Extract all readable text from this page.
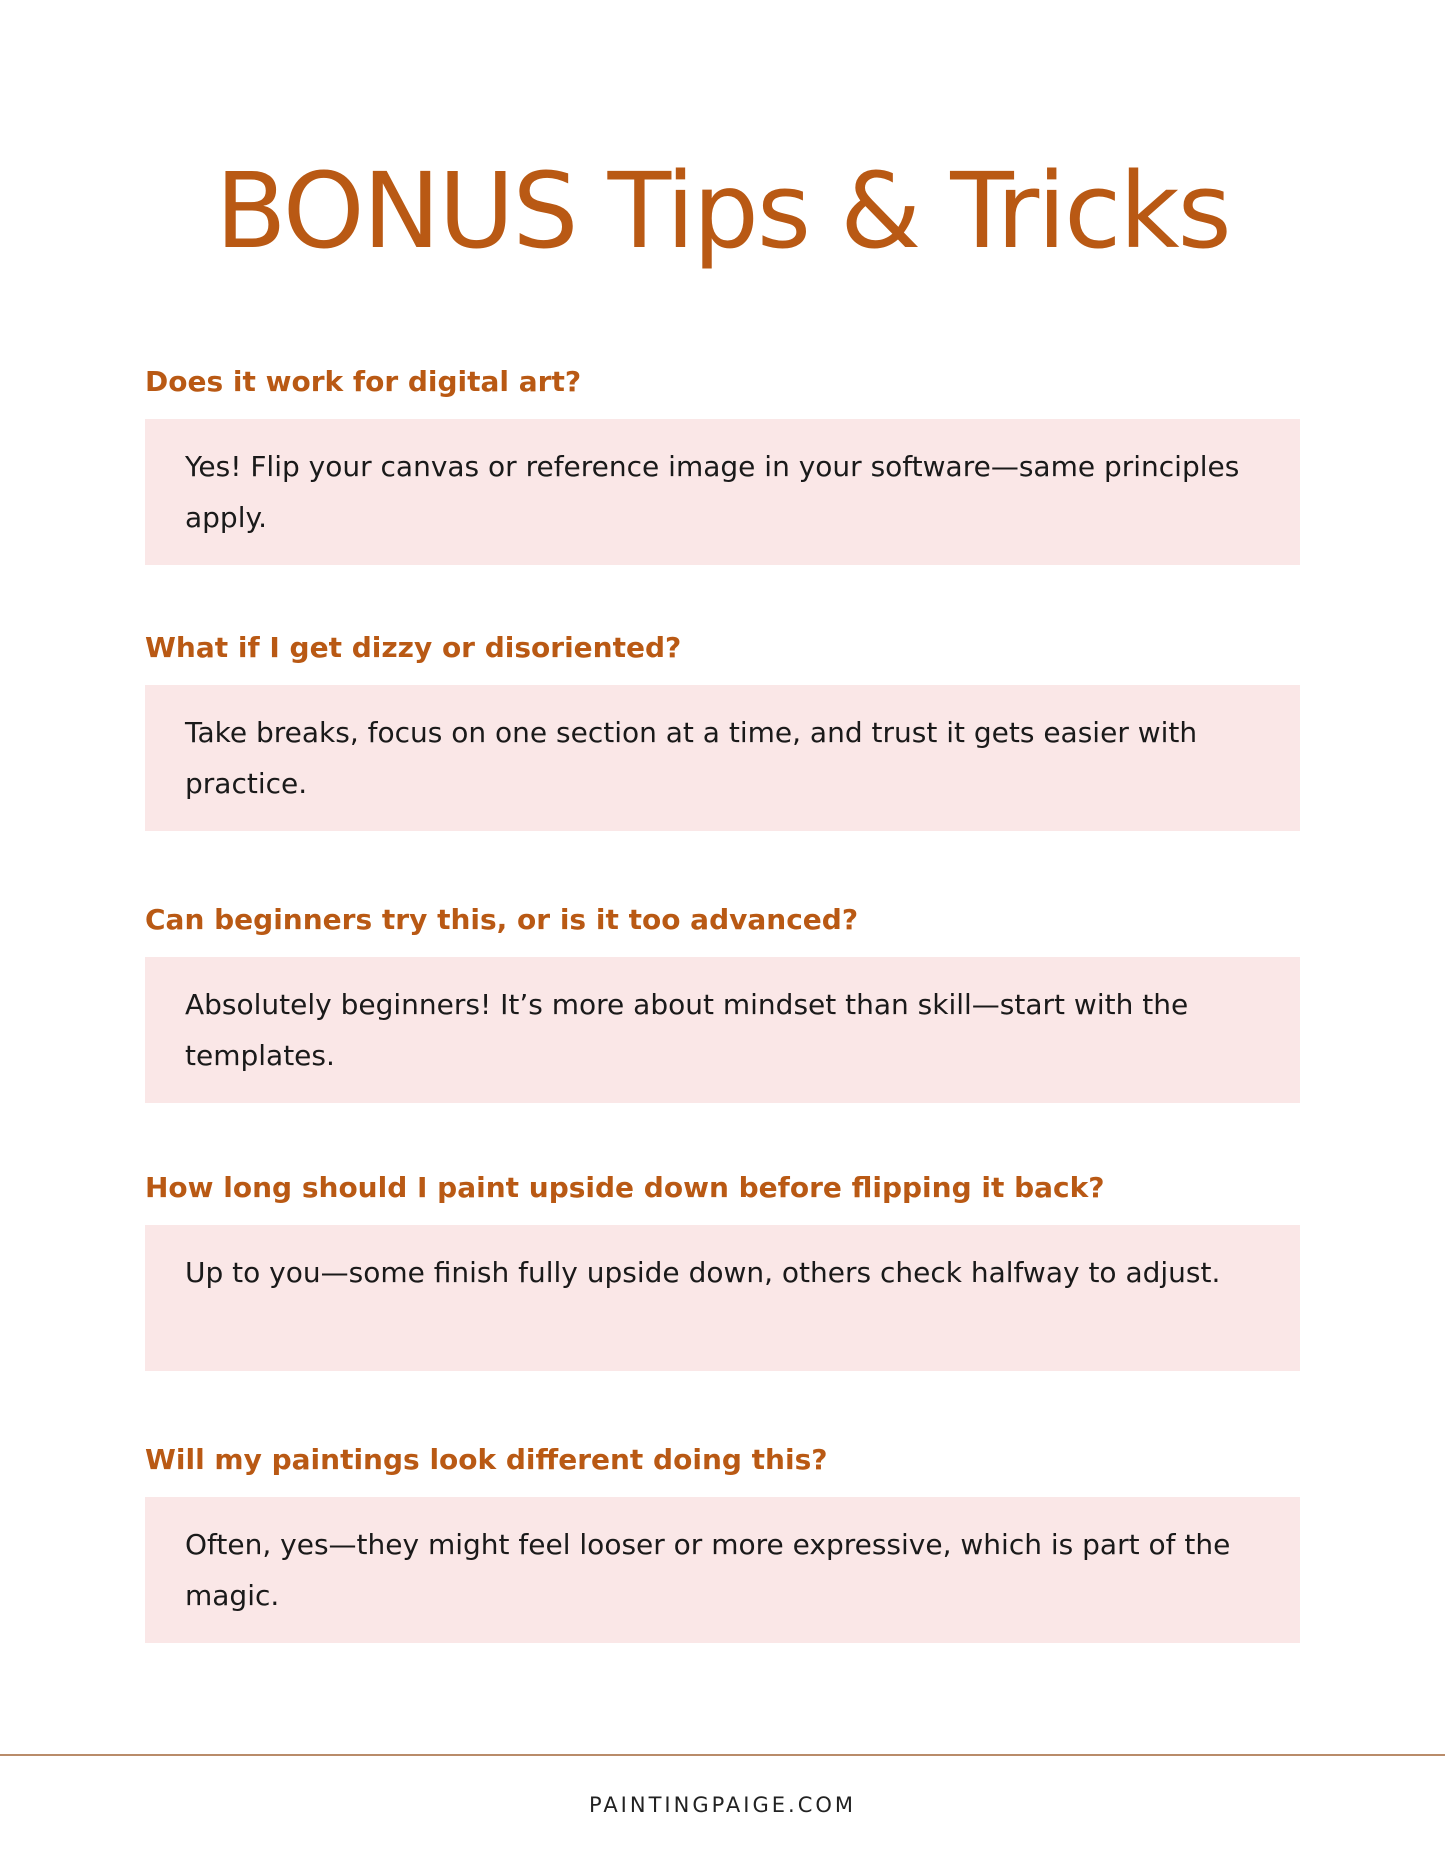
BONUS Tips & Tricks
Does it work for digital art?

Yes! Flip your canvas or reference image in your software—same principles apply.

What if I get dizzy or disoriented?

Take breaks, focus on one section at a time, and trust it gets easier with practice.

Can beginners try this, or is it too advanced?

Absolutely beginners! It’s more about mindset than skill—start with the templates.

How long should I paint upside down before flipping it back?

Up to you—some finish fully upside down, others check halfway to adjust.

Will my paintings look different doing this?

Often, yes—they might feel looser or more expressive, which is part of the magic.

PAINTINGPAIGE.COM
